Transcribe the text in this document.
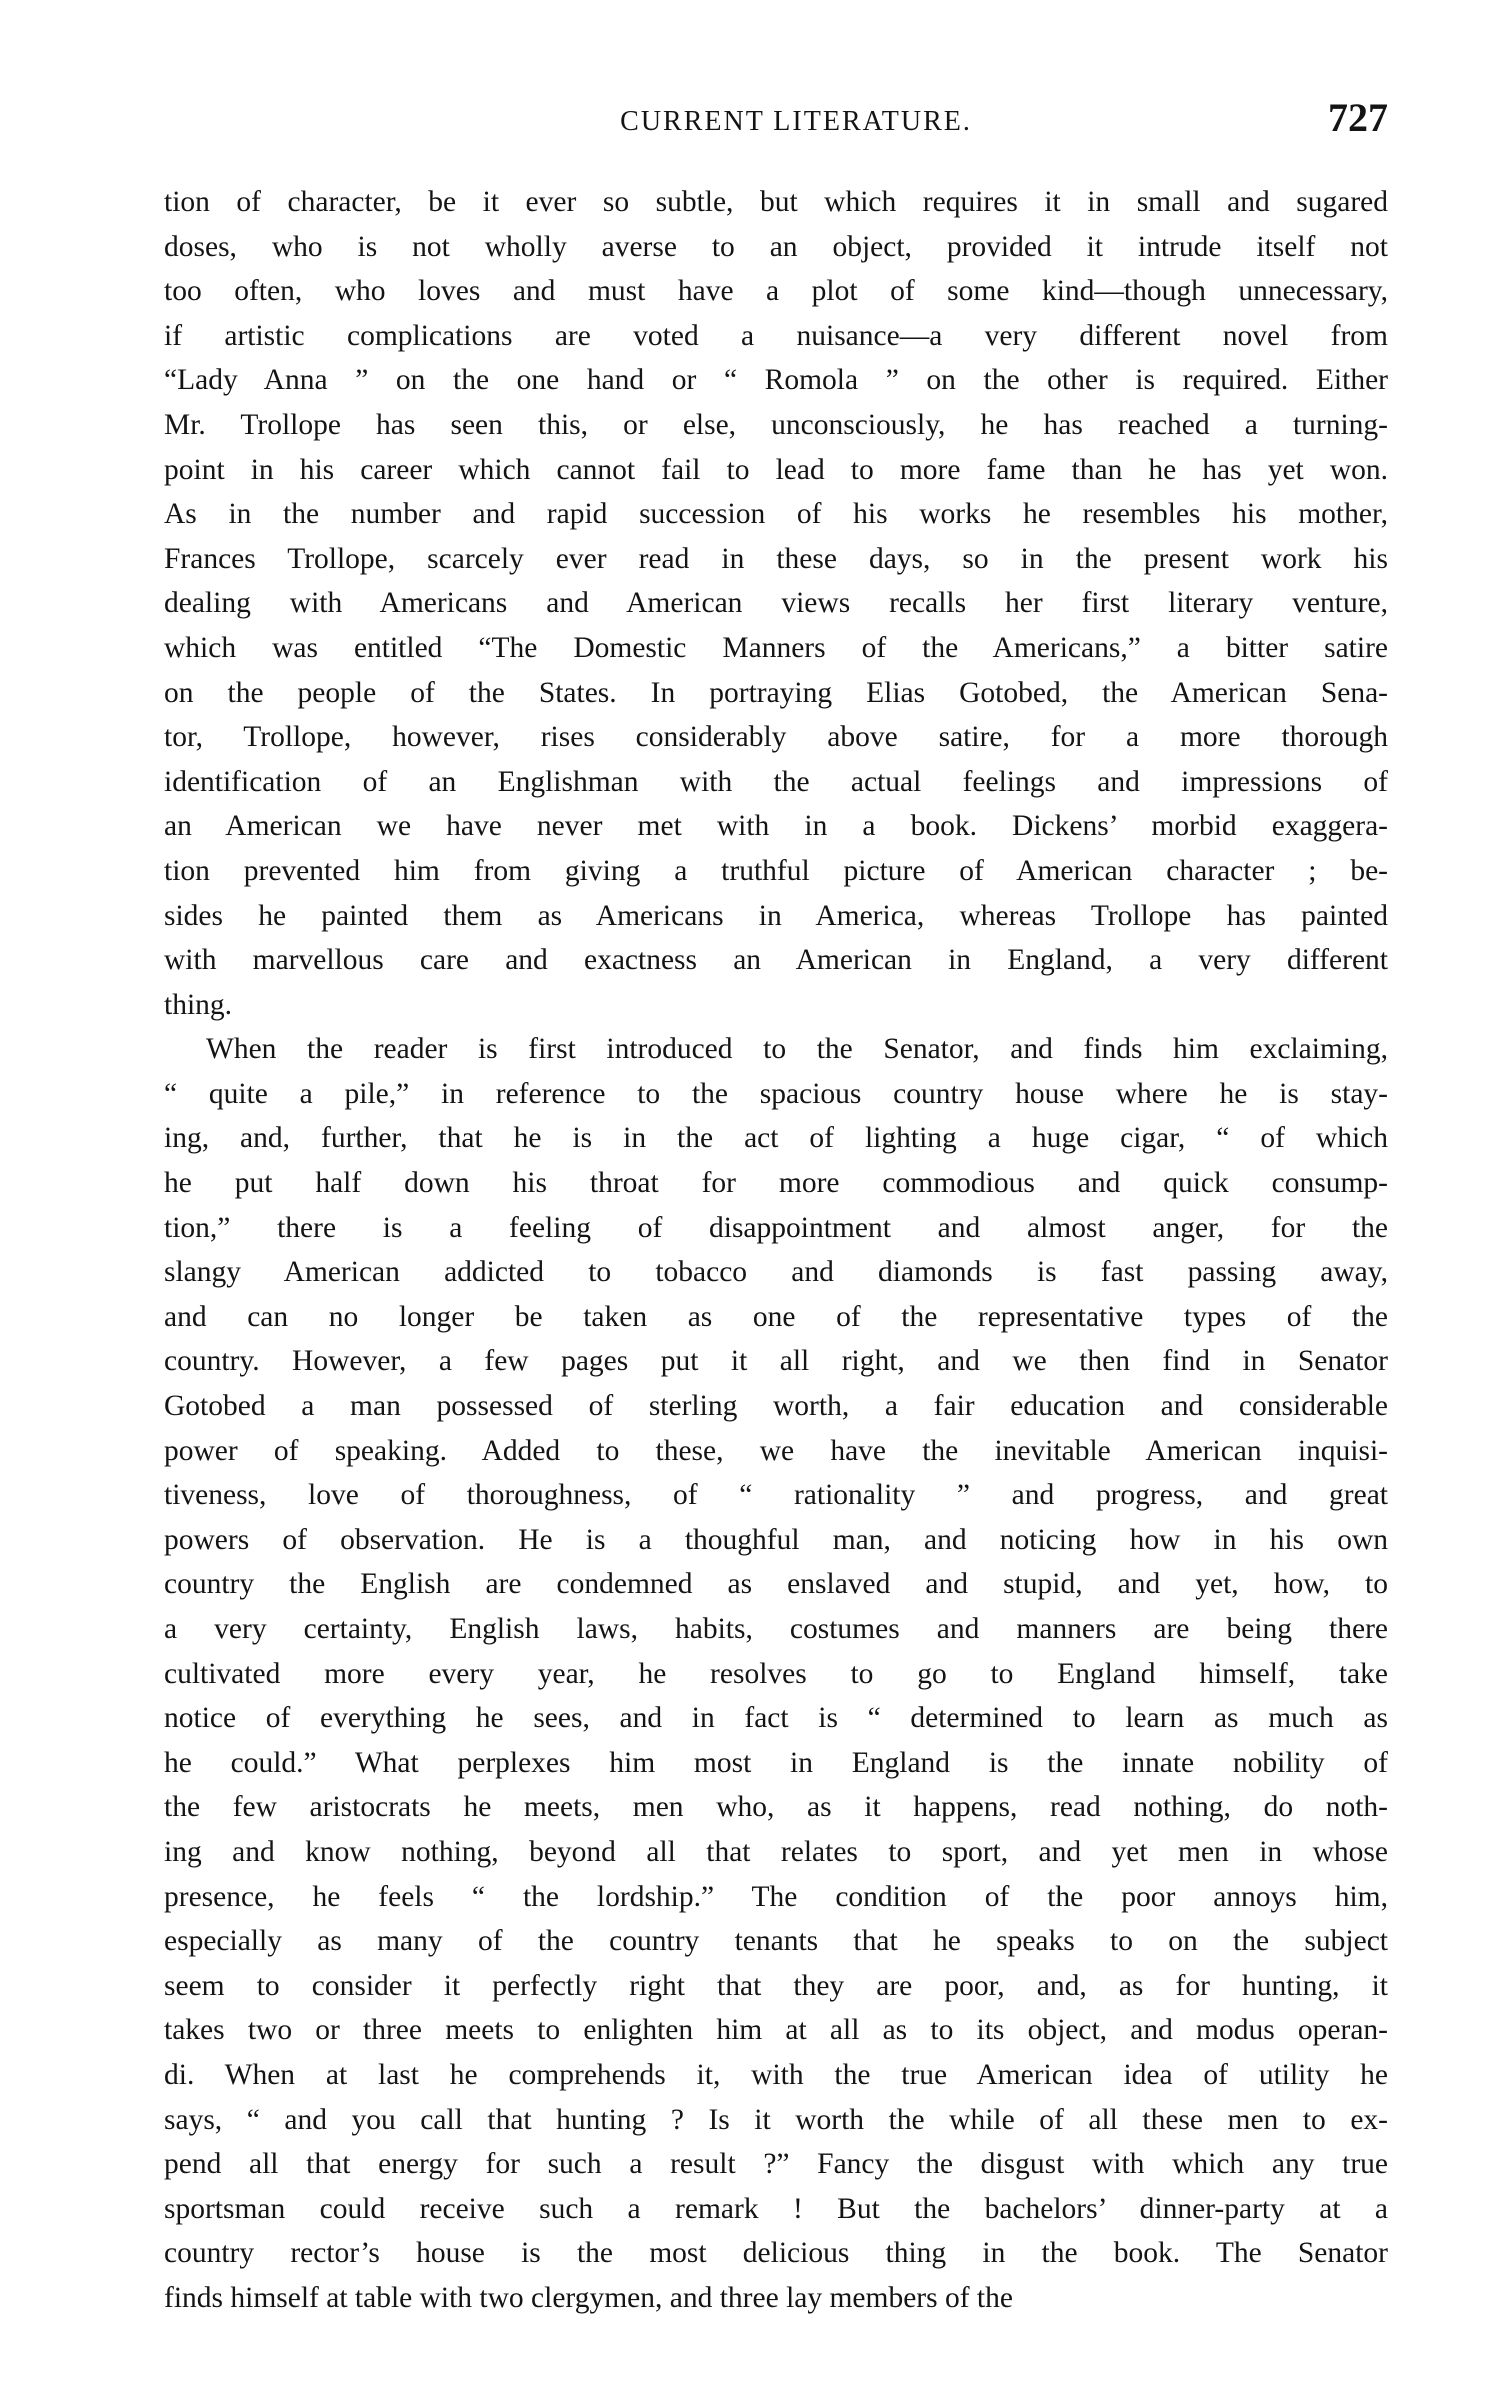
CURRENT LITERATURE.	727
tion of character, be it ever so subtle, but which requires it in small and sugared
doses, who is not wholly averse to an object, provided it intrude itself not
too often, who loves and must have a plot of some kind—though unnecessary,
if artistic complications are voted a nuisance—a very different novel from
“Lady Anna ” on the one hand or “ Romola ” on the other is required. Either
Mr. Trollope has seen this, or else, unconsciously, he has reached a turning-
point in his career which cannot fail to lead to more fame than he has yet won.
As in the number and rapid succession of his works he resembles his mother,
Frances Trollope, scarcely ever read in these days, so in the present work his
dealing with Americans and American views recalls her first literary venture,
which was entitled “The Domestic Manners of the Americans,” a bitter satire
on the people of the States. In portraying Elias Gotobed, the American Sena-
tor, Trollope, however, rises considerably above satire, for a more thorough
identification of an Englishman with the actual feelings and impressions of
an American we have never met with in a book. Dickens’ morbid exaggera-
tion prevented him from giving a truthful picture of American character ; be-
sides he painted them as Americans in America, whereas Trollope has painted
with marvellous care and exactness an American in England, a very different
thing.
When the reader is first introduced to the Senator, and finds him exclaiming,
“ quite a pile,” in reference to the spacious country house where he is stay-
ing, and, further, that he is in the act of lighting a huge cigar, “ of which
he put half down his throat for more commodious and quick consump-
tion,” there is a feeling of disappointment and almost anger, for the
slangy American addicted to tobacco and diamonds is fast passing away,
and can no longer be taken as one of the representative types of the
country. However, a few pages put it all right, and we then find in Senator
Gotobed a man possessed of sterling worth, a fair education and considerable
power of speaking. Added to these, we have the inevitable American inquisi-
tiveness, love of thoroughness, of “ rationality ” and progress, and great
powers of observation. He is a thoughful man, and noticing how in his own
country the English are condemned as enslaved and stupid, and yet, how, to
a very certainty, English laws, habits, costumes and manners are being there
cultivated more every year, he resolves to go to England himself, take
notice of everything he sees, and in fact is “ determined to learn as much as
he could.” What perplexes him most in England is the innate nobility of
the few aristocrats he meets, men who, as it happens, read nothing, do noth-
ing and know nothing, beyond all that relates to sport, and yet men in whose
presence, he feels “ the lordship.” The condition of the poor annoys him,
especially as many of the country tenants that he speaks to on the subject
seem to consider it perfectly right that they are poor, and, as for hunting, it
takes two or three meets to enlighten him at all as to its object, and modus operan-
di. When at last he comprehends it, with the true American idea of utility he
says, “ and you call that hunting ? Is it worth the while of all these men to ex-
pend all that energy for such a result ?” Fancy the disgust with which any true
sportsman could receive such a remark ! But the bachelors’ dinner-party at a
country rector’s house is the most delicious thing in the book. The Senator
finds himself at table with two clergymen, and three lay members of the
